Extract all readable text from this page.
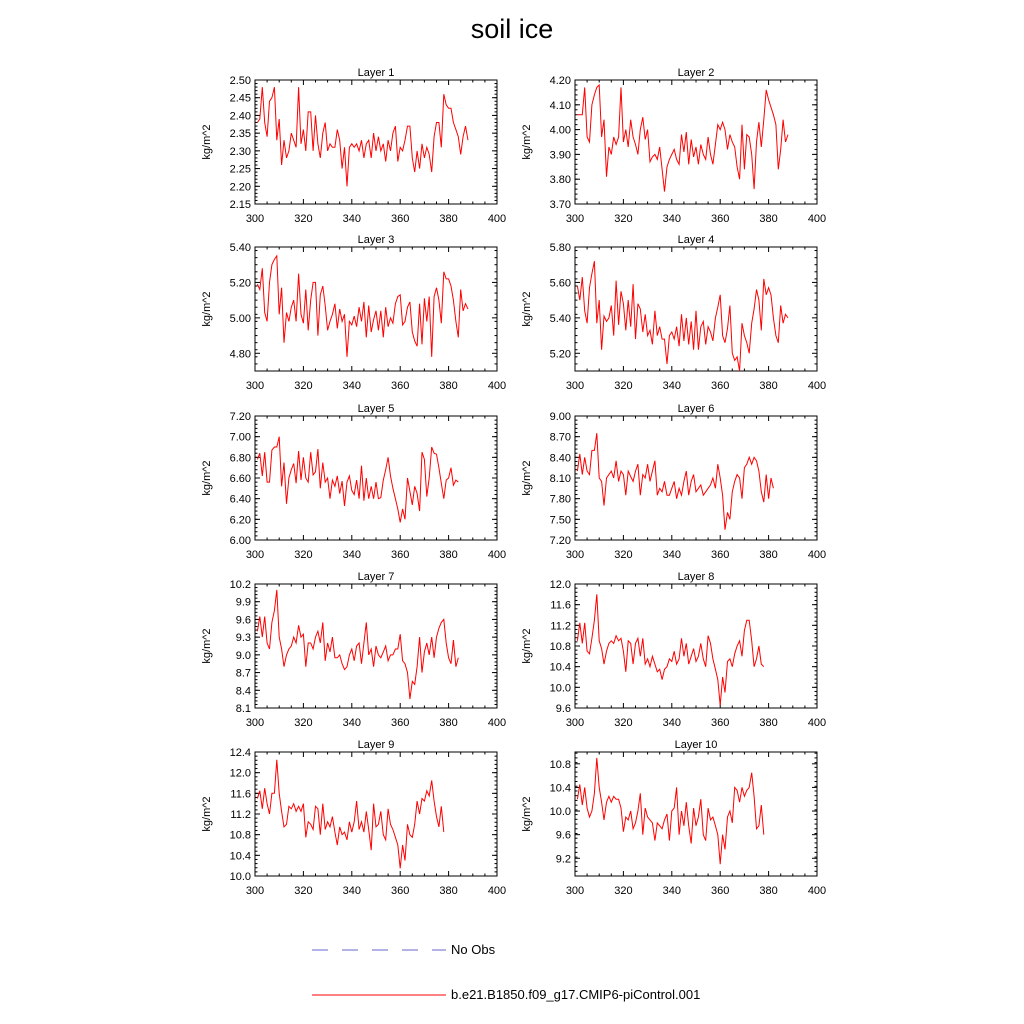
soil ice
Layer 1
300	320	340	360	380	400
2.15
2.20
2.25
2.30
2.35
2.40
2.45
2.50
kg/m^2
Layer 2
300	320	340	360	380	400
3.70
3.80
3.90
4.00
4.10
4.20
kg/m^2
Layer 3
300	320	340	360	380	400
4.80
5.00
5.20
5.40
kg/m^2
Layer 4
300	320	340	360	380	400
5.20
5.40
5.60
5.80
kg/m^2
Layer 5
300	320	340	360	380	400
6.00
6.20
6.40
6.60
6.80
7.00
7.20
kg/m^2
Layer 6
300	320	340	360	380	400
7.20
7.50
7.80
8.10
8.40
8.70
9.00
kg/m^2
Layer 7
300	320	340	360	380	400
8.1
8.4
8.7
9.0
9.3
9.6
9.9
10.2
kg/m^2
Layer 8
300	320	340	360	380	400
9.6
10.0
10.4
10.8
11.2
11.6
12.0
kg/m^2
Layer 9
300	320	340	360	380	400
10.0
10.4
10.8
11.2
11.6
12.0
12.4
kg/m^2
Layer 10
300	320	340	360	380	400
9.2
9.6
10.0
10.4
10.8
kg/m^2
No Obs
b.e21.B1850.f09_g17.CMIP6-piControl.001
